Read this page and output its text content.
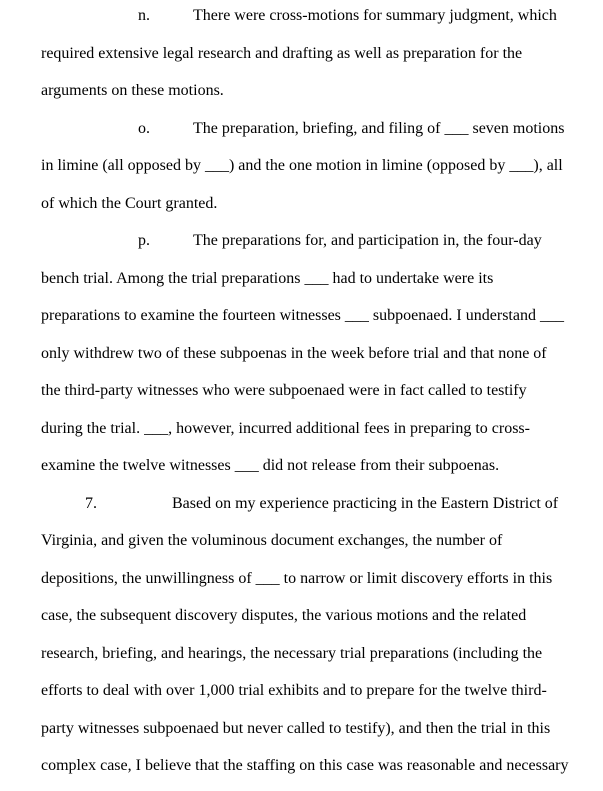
n.	There were cross-motions for summary judgment, which
required extensive legal research and drafting as well as preparation for the
arguments on these motions.
o.	The preparation, briefing, and filing of ___ seven motions
in limine (all opposed by ___) and the one motion in limine (opposed by ___), all
of which the Court granted.
p.	The preparations for, and participation in, the four-day
bench trial. Among the trial preparations ___ had to undertake were its
preparations to examine the fourteen witnesses ___ subpoenaed. I understand ___
only withdrew two of these subpoenas in the week before trial and that none of
the third-party witnesses who were subpoenaed were in fact called to testify
during the trial. ___, however, incurred additional fees in preparing to cross-
examine the twelve witnesses ___ did not release from their subpoenas.
7.	Based on my experience practicing in the Eastern District of
Virginia, and given the voluminous document exchanges, the number of
depositions, the unwillingness of ___ to narrow or limit discovery efforts in this
case, the subsequent discovery disputes, the various motions and the related
research, briefing, and hearings, the necessary trial preparations (including the
efforts to deal with over 1,000 trial exhibits and to prepare for the twelve third-
party witnesses subpoenaed but never called to testify), and then the trial in this
complex case, I believe that the staffing on this case was reasonable and necessary
